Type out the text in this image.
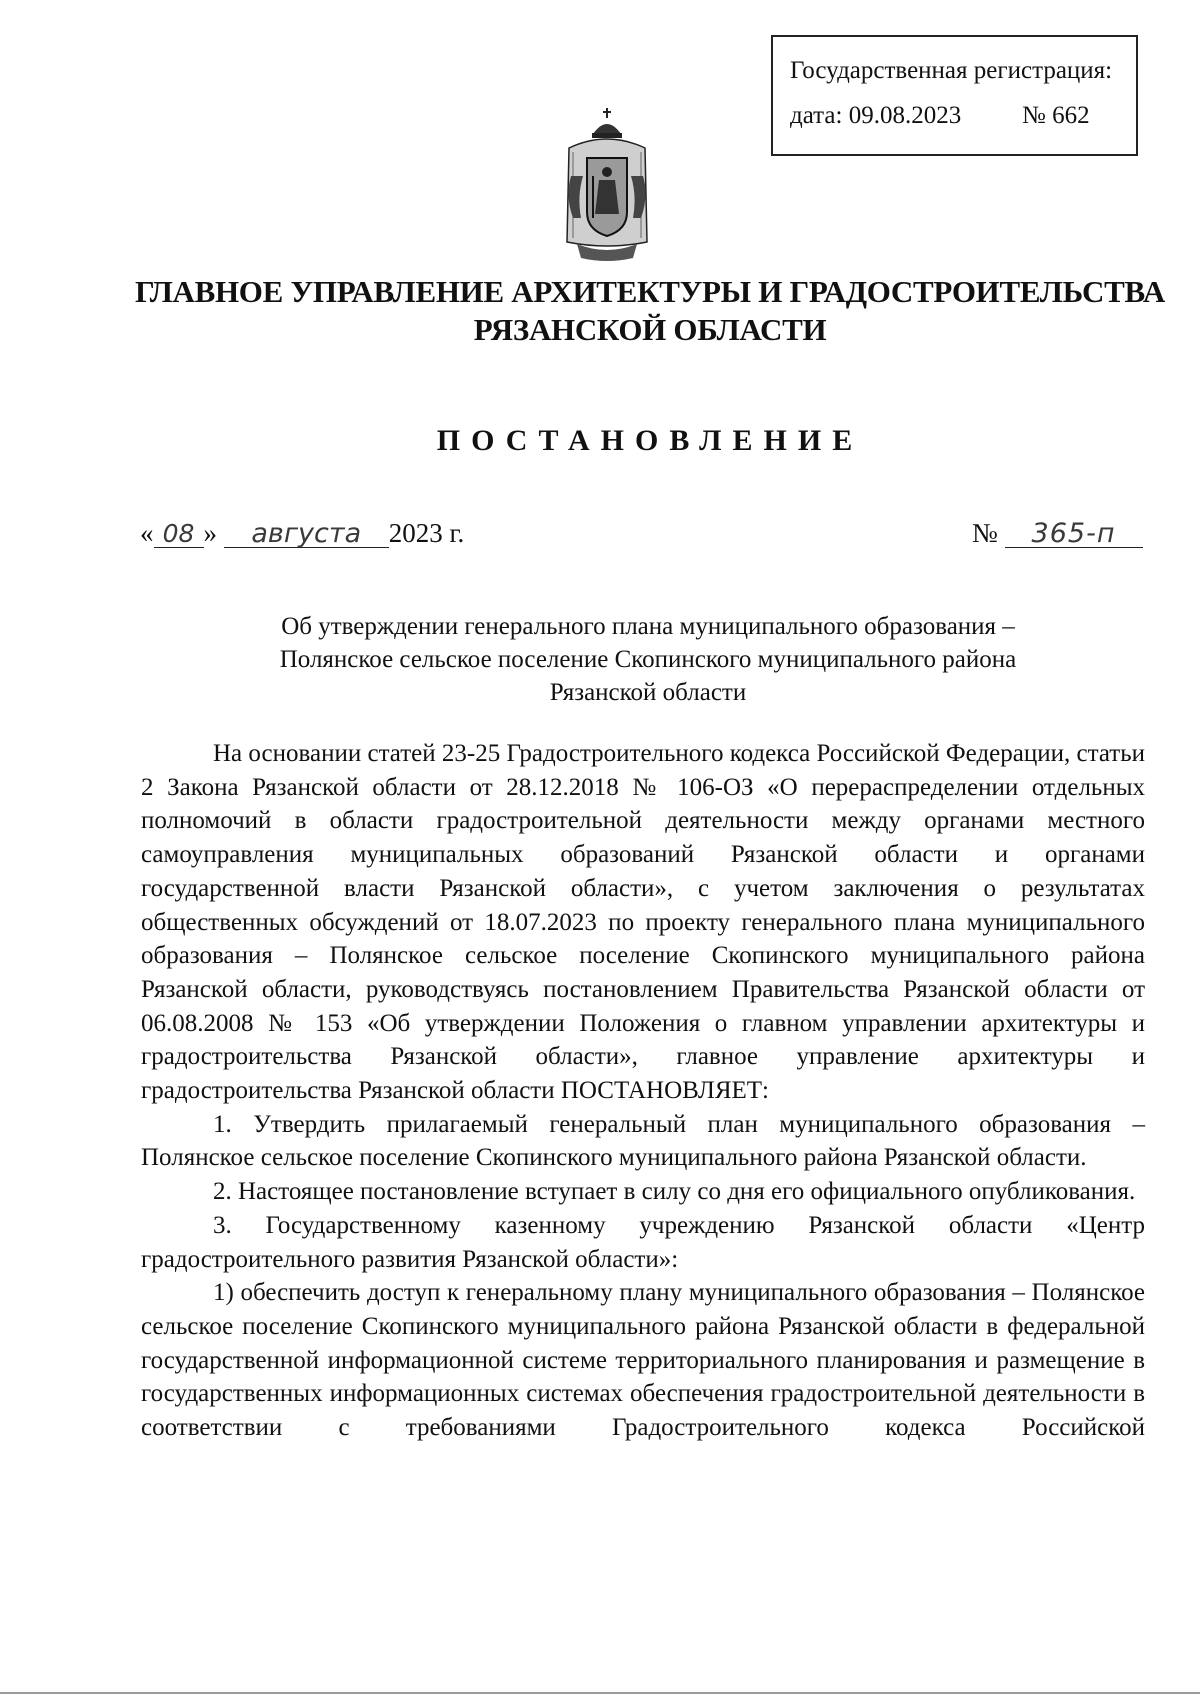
Государственная регистрация:
дата: 09.08.2023 № 662
ГЛАВНОЕ УПРАВЛЕНИЕ АРХИТЕКТУРЫ И ГРАДОСТРОИТЕЛЬСТВА
РЯЗАНСКОЙ ОБЛАСТИ
ПОСТАНОВЛЕНИЕ
« 08 » августа 2023 г.	№ 365-п
Об утверждении генерального плана муниципального образования –
Полянское сельское поселение Скопинского муниципального района
Рязанской области

На основании статей 23-25 Градостроительного кодекса Российской Федерации, статьи 2 Закона Рязанской области от 28.12.2018 № 106-ОЗ «О перераспределении отдельных полномочий в области градостроительной деятельности между органами местного самоуправления муниципальных образований Рязанской области и органами государственной власти Рязанской области», с учетом заключения о результатах общественных обсуждений от 18.07.2023 по проекту генерального плана муниципального образования – Полянское сельское поселение Скопинского муниципального района Рязанской области, руководствуясь постановлением Правительства Рязанской области от 06.08.2008 № 153 «Об утверждении Положения о главном управлении архитектуры и градостроительства Рязанской области», главное управление архитектуры и градостроительства Рязанской области ПОСТАНОВЛЯЕТ:

1. Утвердить прилагаемый генеральный план муниципального образования – Полянское сельское поселение Скопинского муниципального района Рязанской области.

2. Настоящее постановление вступает в силу со дня его официального опубликования.

3. Государственному казенному учреждению Рязанской области «Центр градостроительного развития Рязанской области»:

1) обеспечить доступ к генеральному плану муниципального образования – Полянское сельское поселение Скопинского муниципального района Рязанской области в федеральной государственной информационной системе территориального планирования и размещение в государственных информационных системах обеспечения градостроительной деятельности в соответствии с требованиями Градостроительного кодекса Российской
